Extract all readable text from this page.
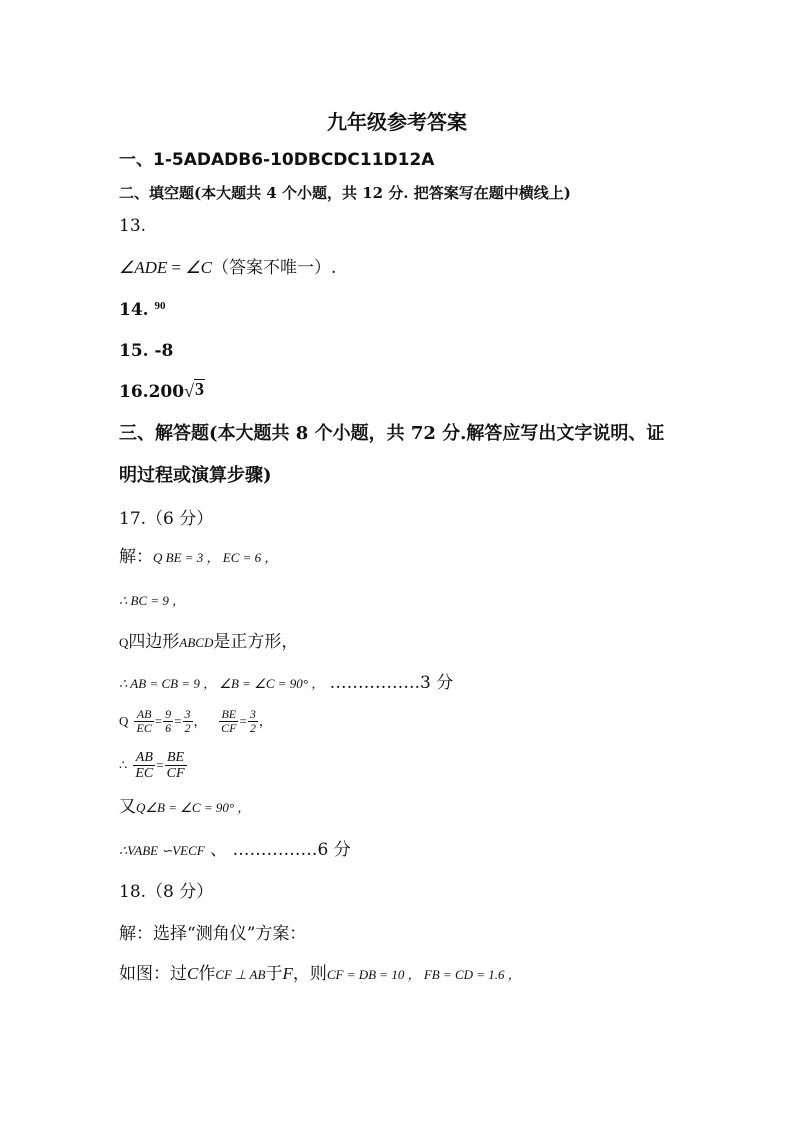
九年级参考答案
一、1-5ADADB6-10DBCDC11D12A
二、填空题(本大题共 4 个小题，共 12 分. 把答案写在题中横线上)
13.
∠ADE = ∠C（答案不唯一）.
14. $^{90}$
15. -8
16.200√3
三、解答题(本大题共 8 个小题，共 72 分.解答应写出文字说明、证
明过程或演算步骤)
17.（6 分）
解：Q BE = 3 ， EC = 6 ，
∴ BC = 9 ，
Q四边形ABCD是正方形，
∴ AB = CB = 9 ， ∠B = ∠C = 90° ， …………….3 分
Q $\frac{AB}{EC} = \frac{9}{6} = \frac{3}{2}$ ， $\frac{BE}{CF} = \frac{3}{2}$ ，
∴ $\frac{AB}{EC} = \frac{BE}{CF}$
又Q∠B = ∠C = 90° ，
∴VABE ∽VECF 、 ……………6 分
18.（8 分）
解：选择“测角仪”方案：
如图：过C作CF ⊥ AB于F，则CF = DB = 10 ， FB = CD = 1.6 ，
